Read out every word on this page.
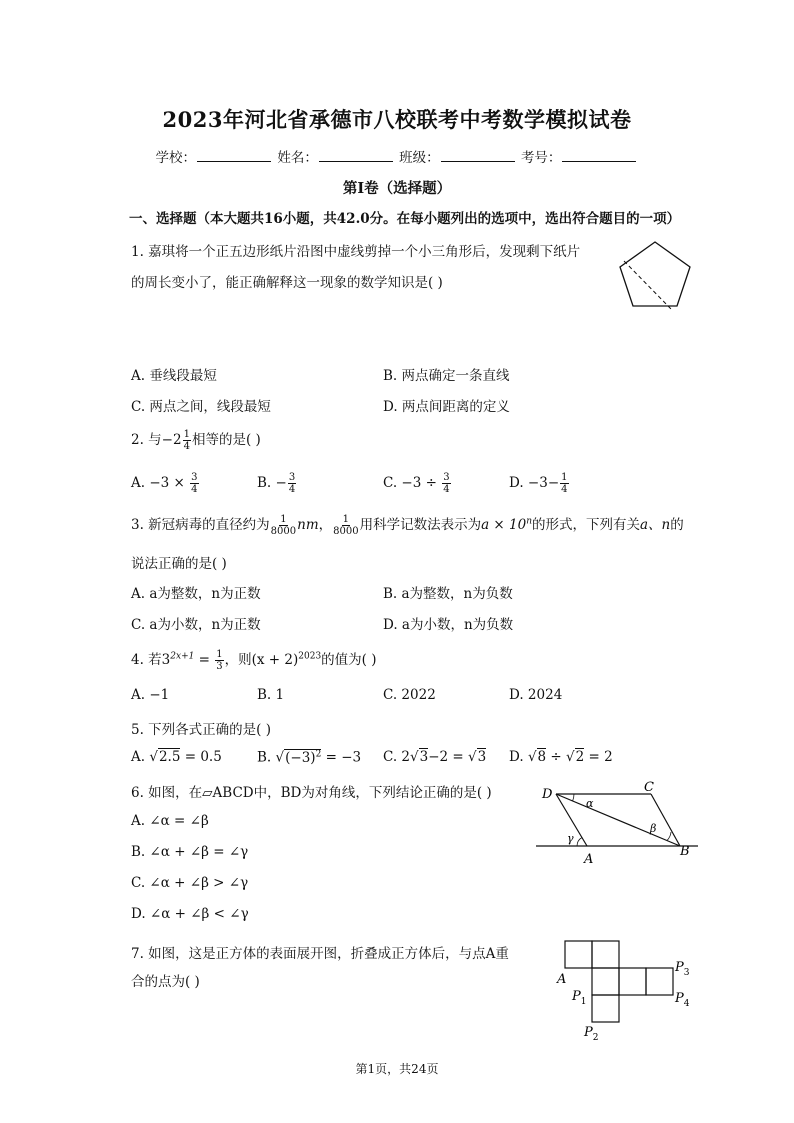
2023年河北省承德市八校联考中考数学模拟试卷
学校：	姓名：	班级：	考号：
第I卷（选择题）
一、选择题（本大题共16小题，共42.0分。在每小题列出的选项中，选出符合题目的一项）
1. 嘉琪将一个正五边形纸片沿图中虚线剪掉一个小三角形后，发现剩下纸片
的周长变小了，能正确解释这一现象的数学知识是( )
A. 垂线段最短	B. 两点确定一条直线
C. 两点之间，线段最短	D. 两点间距离的定义
2. 与$-2 \frac{1}{4}$ 相等的是( )
A. $-3 \times \frac{3}{4}$	B. − $\frac{3}{4}$	C. $-3 \div \frac{3}{4}$	D. $-3- \frac{1}{4}$
3. 新冠病毒的直径约为 $\frac{1}{8000}$ nm， $\frac{1}{8000}$ 用科学记数法表示为$a \times 10^n$的形式，下列有关a、n的
说法正确的是( )
A. a为整数，n为正数	B. a为整数，n为负数
C. a为小数，n为正数	D. a为小数，n为负数
4. 若$3^{2x+1} = \frac{1}{3}$ ，则$(x + 2)^{2023}$的值为( )
A. −1	B. 1	C. 2022	D. 2024
5. 下列各式正确的是( )
A. √2.5 = 0.5	B. $√(-3)^2 = -3$ C. 2√3−2 = √3 D. √8 ÷ √2 = 2
6. 如图，在▱ABCD中，BD为对角线，下列结论正确的是( )
A. ∠α = ∠β
B. ∠α + ∠β = ∠γ
C. ∠α + ∠β > ∠γ
D. ∠α + ∠β < ∠γ
D	C
A
B
α
β
γ
7. 如图，这是正方体的表面展开图，折叠成正方体后，与点A重
合的点为( )	A
$P_1$
$P_2$
$P_3$
$P_4$
第1页，共24页
